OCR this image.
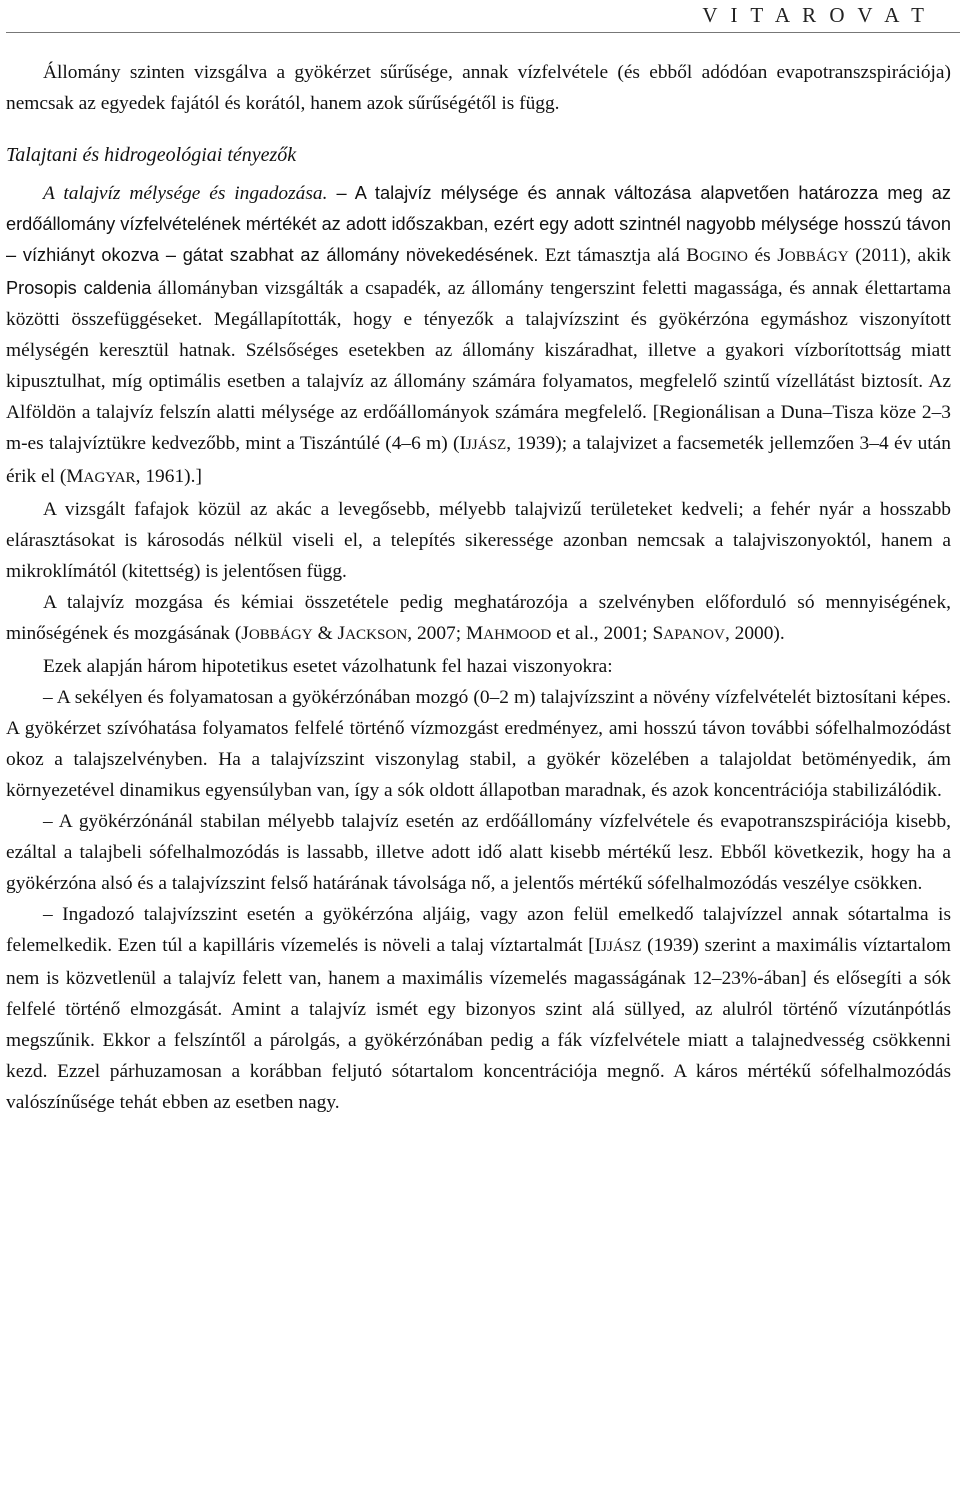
V I T A R O V A T

Állomány szinten vizsgálva a gyökérzet sűrűsége, annak vízfelvétele (és ebből adódóan evapotranszspirációja) nemcsak az egyedek fajától és korától, hanem azok sűrűségétől is függ.

Talajtani és hidrogeológiai tényezők

A talajvíz mélysége és ingadozása. – A talajvíz mélysége és annak változása alapvetően határozza meg az erdőállomány vízfelvételének mértékét az adott időszakban, ezért egy adott szintnél nagyobb mélysége hosszú távon – vízhiányt okozva – gátat szabhat az állomány növekedésének. Ezt támasztja alá BOGINO és JOBBÁGY (2011), akik Prosopis caldenia állományban vizsgálták a csapadék, az állomány tengerszint feletti magassága, és annak élettartama közötti összefüggéseket. Megállapították, hogy e tényezők a talajvízszint és gyökérzóna egymáshoz viszonyított mélységén keresztül hatnak. Szélsőséges esetekben az állomány kiszáradhat, illetve a gyakori vízborítottság miatt kipusztulhat, míg optimális esetben a talajvíz az állomány számára folyamatos, megfelelő szintű vízellátást biztosít. Az Alföldön a talajvíz felszín alatti mélysége az erdőállományok számára megfelelő. [Regionálisan a Duna–Tisza köze 2–3 m-es talajvíztükre kedvezőbb, mint a Tiszántúlé (4–6 m) (IJJÁSZ, 1939); a talajvizet a facsemeték jellemzően 3–4 év után érik el (MAGYAR, 1961).]

A vizsgált fafajok közül az akác a levegősebb, mélyebb talajvizű területeket kedveli; a fehér nyár a hosszabb elárasztásokat is károsodás nélkül viseli el, a telepítés sikeressége azonban nemcsak a talajviszonyoktól, hanem a mikroklímától (kitettség) is jelentősen függ.

A talajvíz mozgása és kémiai összetétele pedig meghatározója a szelvényben előforduló só mennyiségének, minőségének és mozgásának (JOBBÁGY & JACKSON, 2007; MAHMOOD et al., 2001; SAPANOV, 2000).

Ezek alapján három hipotetikus esetet vázolhatunk fel hazai viszonyokra:

– A sekélyen és folyamatosan a gyökérzónában mozgó (0–2 m) talajvízszint a növény vízfelvételét biztosítani képes. A gyökérzet szívóhatása folyamatos felfelé történő vízmozgást eredményez, ami hosszú távon további sófelhalmozódást okoz a talajszelvényben. Ha a talajvízszint viszonylag stabil, a gyökér közelében a talajoldat betöményedik, ám környezetével dinamikus egyensúlyban van, így a sók oldott állapotban maradnak, és azok koncentrációja stabilizálódik.

– A gyökérzónánál stabilan mélyebb talajvíz esetén az erdőállomány vízfelvétele és evapotranszspirációja kisebb, ezáltal a talajbeli sófelhalmozódás is lassabb, illetve adott idő alatt kisebb mértékű lesz. Ebből következik, hogy ha a gyökérzóna alsó és a talajvízszint felső határának távolsága nő, a jelentős mértékű sófelhalmozódás veszélye csökken.

– Ingadozó talajvízszint esetén a gyökérzóna aljáig, vagy azon felül emelkedő talajvízzel annak sótartalma is felemelkedik. Ezen túl a kapilláris vízemelés is növeli a talaj víztartalmát [IJJÁSZ (1939) szerint a maximális víztartalom nem is közvetlenül a talajvíz felett van, hanem a maximális vízemelés magasságának 12–23%-ában] és elősegíti a sók felfelé történő elmozgását. Amint a talajvíz ismét egy bizonyos szint alá süllyed, az alulról történő vízutánpótlás megszűnik. Ekkor a felszíntől a párolgás, a gyökérzónában pedig a fák vízfelvétele miatt a talajnedvesség csökkenni kezd. Ezzel párhuzamosan a korábban feljutó sótartalom koncentrációja megnő. A káros mértékű sófelhalmozódás valószínűsége tehát ebben az esetben nagy.
